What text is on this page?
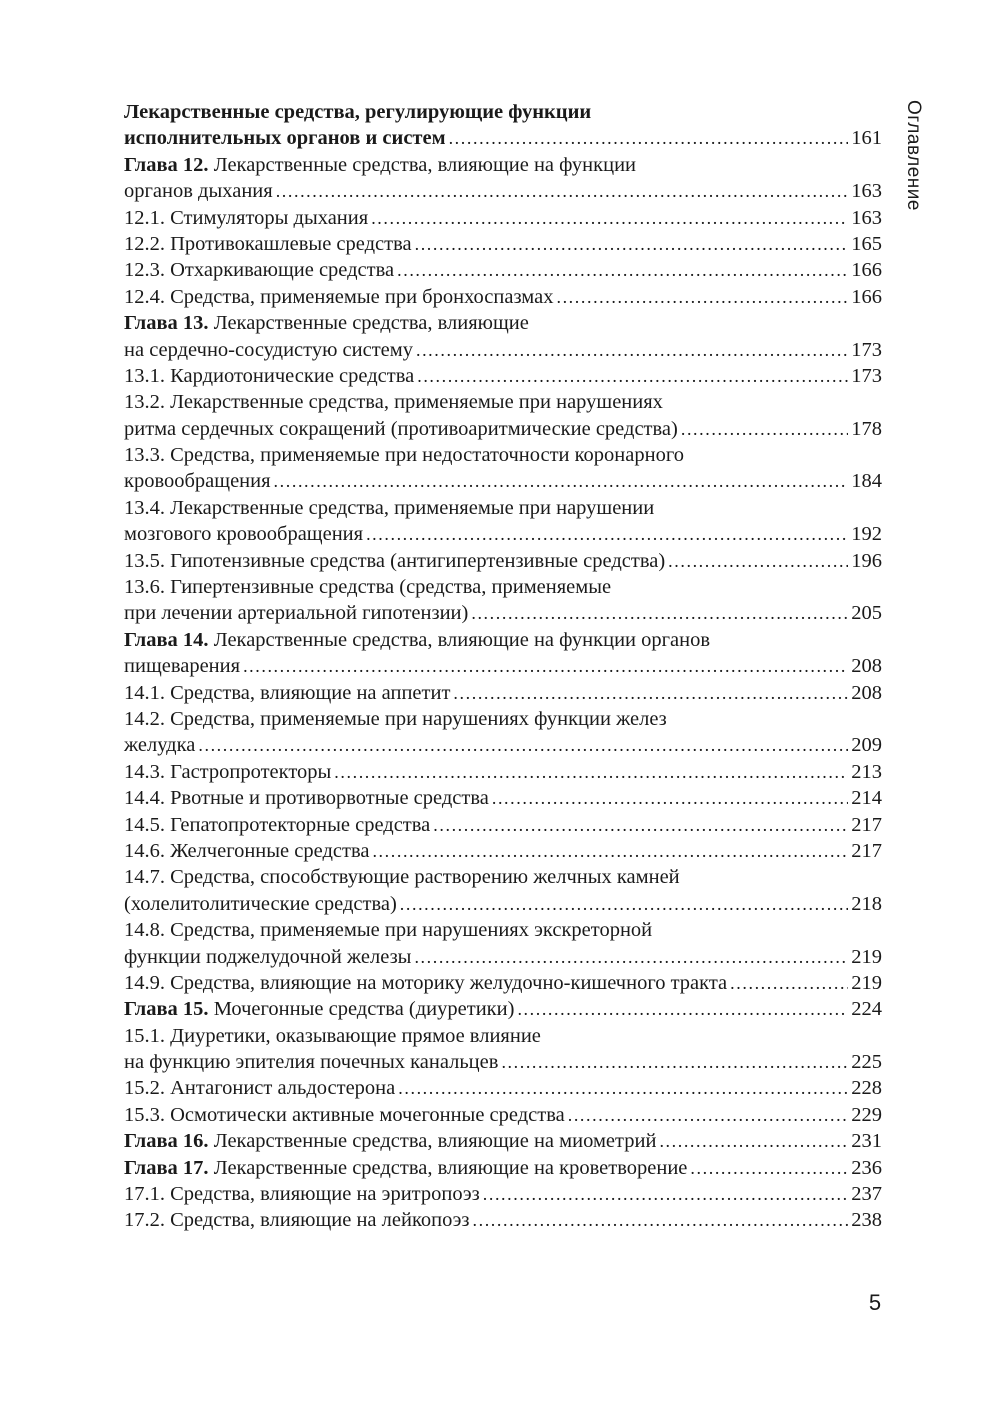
Оглавление
Лекарственные средства, регулирующие функции
исполнительных органов и систем .....	161
Глава 12. Лекарственные средства, влияющие на функции
органов дыхания .....	163
12.1. Стимуляторы дыхания .....	163
12.2. Противокашлевые средства .....	165
12.3. Отхаркивающие средства .....	166
12.4. Средства, применяемые при бронхоспазмах .....	166
Глава 13. Лекарственные средства, влияющие
на сердечно-сосудистую систему .....	173
13.1. Кардиотонические средства .....	173
13.2. Лекарственные средства, применяемые при нарушениях
ритма сердечных сокращений (противоаритмические средства) .....	178
13.3. Средства, применяемые при недостаточности коронарного
кровообращения .....	184
13.4. Лекарственные средства, применяемые при нарушении
мозгового кровообращения .....	192
13.5. Гипотензивные средства (антигипертензивные средства) .....	196
13.6. Гипертензивные средства (средства, применяемые
при лечении артериальной гипотензии) .....	205
Глава 14. Лекарственные средства, влияющие на функции органов
пищеварения .....	208
14.1. Средства, влияющие на аппетит .....	208
14.2. Средства, применяемые при нарушениях функции желез
желудка .....	209
14.3. Гастропротекторы .....	213
14.4. Рвотные и противорвотные средства .....	214
14.5. Гепатопротекторные средства .....	217
14.6. Желчегонные средства .....	217
14.7. Средства, способствующие растворению желчных камней
(холелитолитические средства) .....	218
14.8. Средства, применяемые при нарушениях экскреторной
функции поджелудочной железы .....	219
14.9. Средства, влияющие на моторику желудочно-кишечного тракта .....	219
Глава 15. Мочегонные средства (диуретики) .....	224
15.1. Диуретики, оказывающие прямое влияние
на функцию эпителия почечных канальцев .....	225
15.2. Антагонист альдостерона .....	228
15.3. Осмотически активные мочегонные средства .....	229
Глава 16. Лекарственные средства, влияющие на миометрий .....	231
Глава 17. Лекарственные средства, влияющие на кроветворение .....	236
17.1. Средства, влияющие на эритропоэз .....	237
17.2. Средства, влияющие на лейкопоэз .....	238
5
